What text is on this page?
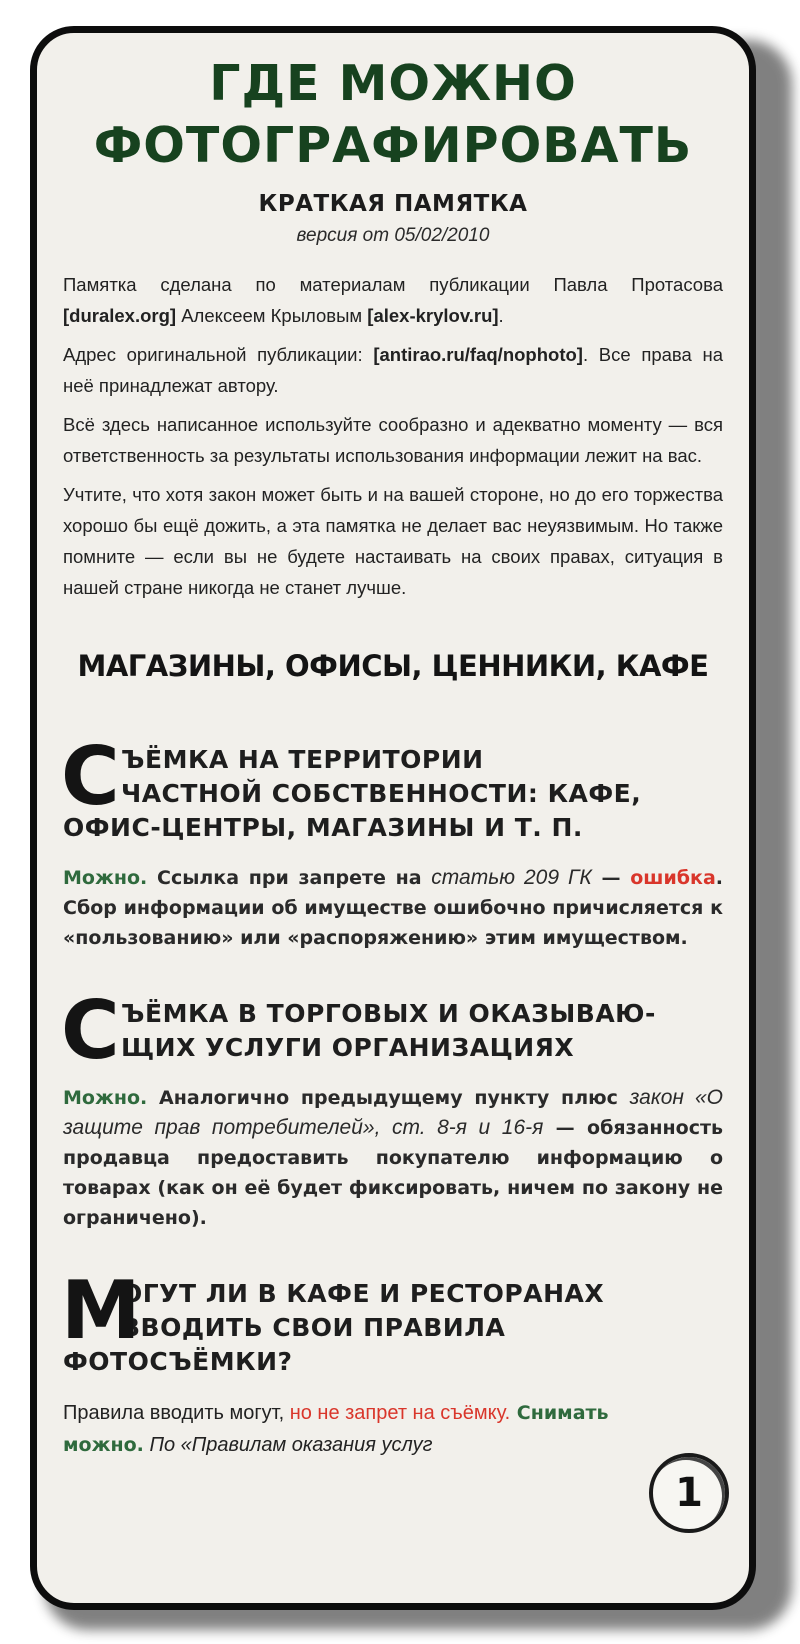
ГДЕ МОЖНО
ФОТОГРАФИРОВАТЬ
КРАТКАЯ ПАМЯТКА
версия от 05/02/2010

Памятка сделана по материалам публикации Павла Протасова [duralex.org] Алексеем Крыловым [alex-krylov.ru].

Адрес оригинальной публикации: [antirao.ru/faq/nophoto]. Все права на неё принадлежат автору.

Всё здесь написанное используйте сообразно и адекватно моменту — вся ответственность за результаты использования информации лежит на вас.

Учтите, что хотя закон может быть и на вашей стороне, но до его торжества хорошо бы ещё дожить, а эта памятка не делает вас неуязвимым. Но также помните — если вы не будете настаивать на своих правах, ситуация в нашей стране никогда не станет лучше.

МАГАЗИНЫ, ОФИСЫ, ЦЕННИКИ, КАФЕ
С ЪЁМКА НА ТЕРРИТОРИИ
ЧАСТНОЙ СОБСТВЕННОСТИ: КАФЕ,
ОФИС-ЦЕНТРЫ, МАГАЗИНЫ И Т. П.
Можно. Ссылка при запрете на статью 209 ГК — ошибка. Сбор информации об имуществе ошибочно причисляется к «пользованию» или «распоряжению» этим имуществом.
С ЪЁМКА В ТОРГОВЫХ И ОКАЗЫВАЮ-
ЩИХ УСЛУГИ ОРГАНИЗАЦИЯХ
Можно. Аналогично предыдущему пункту плюс закон «О защите прав потребителей», ст. 8-я и 16-я — обязанность продавца предоставить покупателю информацию о товарах (как он её будет фиксировать, ничем по закону не ограничено).
М
ОГУТ ЛИ В КАФЕ И РЕСТОРАНАХ
ВВОДИТЬ СВОИ ПРАВИЛА
ФОТОСЪЁМКИ?
Правила вводить могут, но не запрет на съёмку. Снимать можно. По «Правилам оказания услуг
1
